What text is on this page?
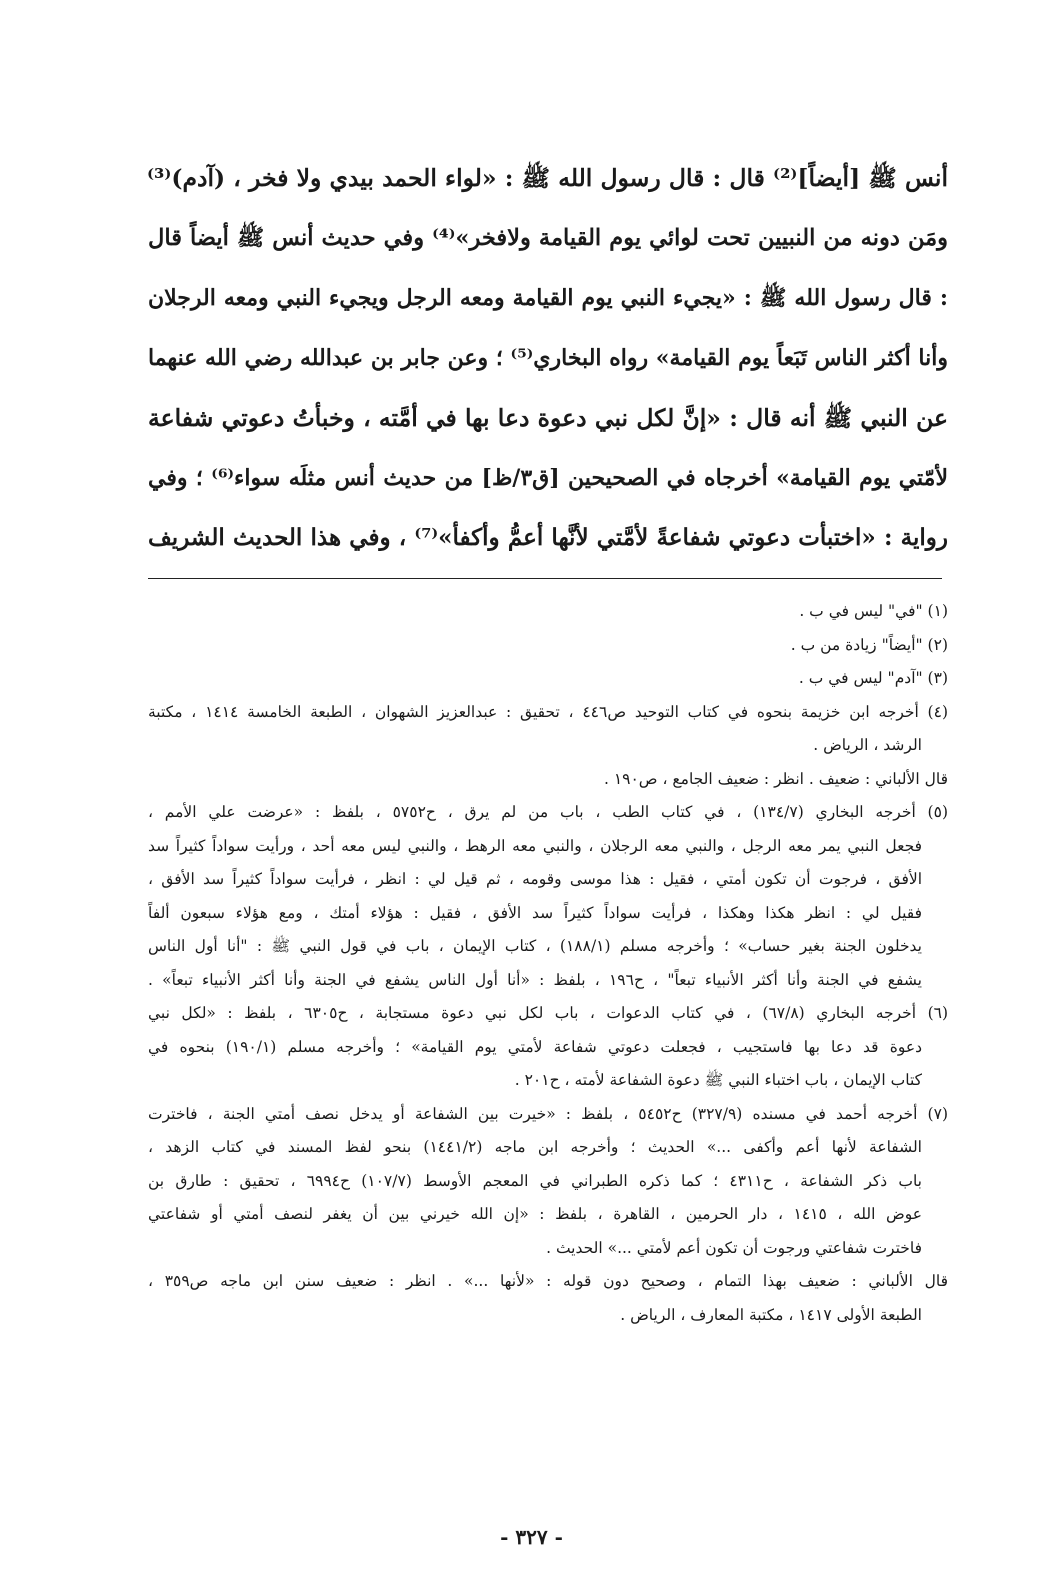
أنس ﷺ [أيضاً]⁽²⁾ قال : قال رسول الله ﷺ : «لواء الحمد بيدي ولا فخر ، (آدم)⁽³⁾
ومَن دونه من النبيين تحت لوائي يوم القيامة ولافخر»⁽⁴⁾ وفي حديث أنس ﷺ أيضاً قال
: قال رسول الله ﷺ : «يجيء النبي يوم القيامة ومعه الرجل ويجيء النبي ومعه الرجلان
وأنا أكثر الناس تَبَعاً يوم القيامة» رواه البخاري⁽⁵⁾ ؛ وعن جابر بن عبدالله رضي الله عنهما
عن النبي ﷺ أنه قال : «إنَّ لكل نبي دعوة دعا بها في أمَّته ، وخبأتُ دعوتي شفاعة
لأمّتي يوم القيامة» أخرجاه في الصحيحين [ق٣/ظ] من حديث أنس مثلَه سواء⁽⁶⁾ ؛ وفي
رواية : «اختبأت دعوتي شفاعةً لأمَّتي لأنَّها أعمُّ وأكفأ»⁽⁷⁾ ، وفي هذا الحديث الشريف
(١) "في" ليس في ب .
(٢) "أيضاً" زيادة من ب .
(٣) "آدم" ليس في ب .
(٤) أخرجه ابن خزيمة بنحوه في كتاب التوحيد ص٤٤٦ ، تحقيق : عبدالعزيز الشهوان ، الطبعة الخامسة ١٤١٤ ، مكتبة
الرشد ، الرياض .
قال الألباني : ضعيف . انظر : ضعيف الجامع ، ص١٩٠ .
(٥) أخرجه البخاري (١٣٤/٧) ، في كتاب الطب ، باب من لم يرق ، ح٥٧٥٢ ، بلفظ : «عرضت علي الأمم ،
فجعل النبي يمر معه الرجل ، والنبي معه الرجلان ، والنبي معه الرهط ، والنبي ليس معه أحد ، ورأيت سواداً كثيراً سد
الأفق ، فرجوت أن تكون أمتي ، فقيل : هذا موسى وقومه ، ثم قيل لي : انظر ، فرأيت سواداً كثيراً سد الأفق ،
فقيل لي : انظر هكذا وهكذا ، فرأيت سواداً كثيراً سد الأفق ، فقيل : هؤلاء أمتك ، ومع هؤلاء سبعون ألفاً
يدخلون الجنة بغير حساب» ؛ وأخرجه مسلم (١٨٨/١) ، كتاب الإيمان ، باب في قول النبي ﷺ : "أنا أول الناس
يشفع في الجنة وأنا أكثر الأنبياء تبعاً" ، ح١٩٦ ، بلفظ : «أنا أول الناس يشفع في الجنة وأنا أكثر الأنبياء تبعاً» .
(٦) أخرجه البخاري (٦٧/٨) ، في كتاب الدعوات ، باب لكل نبي دعوة مستجابة ، ح٦٣٠٥ ، بلفظ : «لكل نبي
دعوة قد دعا بها فاستجيب ، فجعلت دعوتي شفاعة لأمتي يوم القيامة» ؛ وأخرجه مسلم (١٩٠/١) بنحوه في
كتاب الإيمان ، باب اختباء النبي ﷺ دعوة الشفاعة لأمته ، ح٢٠١ .
(٧) أخرجه أحمد في مسنده (٣٢٧/٩) ح٥٤٥٢ ، بلفظ : «خيرت بين الشفاعة أو يدخل نصف أمتي الجنة ، فاخترت
الشفاعة لأنها أعم وأكفى ...» الحديث ؛ وأخرجه ابن ماجه (١٤٤١/٢) بنحو لفظ المسند في كتاب الزهد ،
باب ذكر الشفاعة ، ح٤٣١١ ؛ كما ذكره الطبراني في المعجم الأوسط (١٠٧/٧) ح٦٩٩٤ ، تحقيق : طارق بن
عوض الله ، ١٤١٥ ، دار الحرمين ، القاهرة ، بلفظ : «إن الله خيرني بين أن يغفر لنصف أمتي أو شفاعتي
فاخترت شفاعتي ورجوت أن تكون أعم لأمتي ...» الحديث .
قال الألباني : ضعيف بهذا التمام ، وصحيح دون قوله : «لأنها ...» . انظر : ضعيف سنن ابن ماجه ص٣٥٩ ،
الطبعة الأولى ١٤١٧ ، مكتبة المعارف ، الرياض .
- ٣٢٧ -
